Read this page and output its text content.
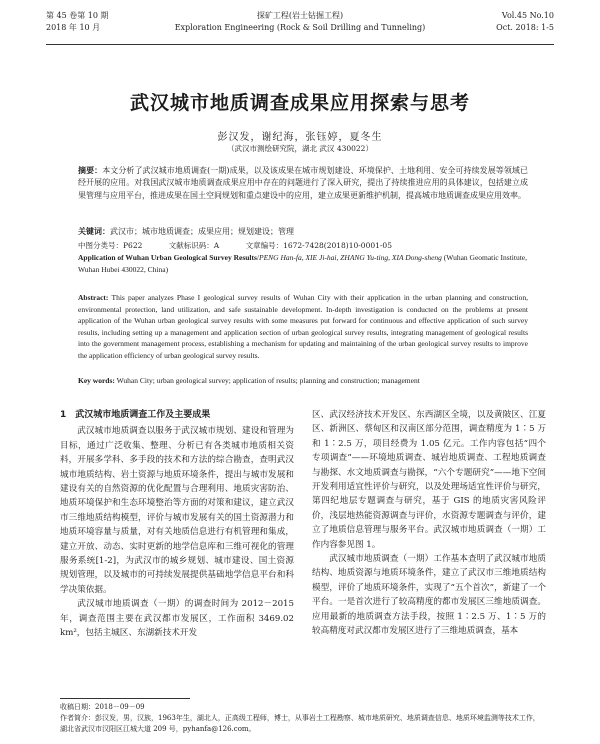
第 45 卷第 10 期
2018 年 10 月
探矿工程(岩土钻掘工程)
Exploration Engineering (Rock & Soil Drilling and Tunneling)
Vol.45 No.10
Oct. 2018: 1-5
武汉城市地质调查成果应用探索与思考
彭汉发，谢纪海，张钰婷，夏冬生
（武汉市测绘研究院，湖北 武汉 430022）
摘要：本文分析了武汉城市地质调查(一期)成果，以及该成果在城市规划建设、环境保护、土地利用、安全可持续发展等领域已经开展的应用。对我国武汉城市地质调查成果应用中存在的问题进行了深入研究，提出了持续推进应用的具体建议，包括建立成果管理与应用平台，推进成果在国土空间规划和重点建设中的应用，建立成果更新维护机制，提高城市地质调查成果应用效率。
关键词：武汉市；城市地质调查；成果应用；规划建设；管理
中图分类号：P622	文献标识码：A	文章编号：1672-7428(2018)10-0001-05
Application of Wuhan Urban Geological Survey Results/PENG Han-fa, XIE Ji-hai, ZHANG Yu-ting, XIA Dong-sheng (Wuhan Geomatic Institute, Wuhan Hubei 430022, China)
Abstract: This paper analyzes Phase I geological survey results of Wuhan City with their application in the urban planning and construction, environmental protection, land utilization, and safe sustainable development. In-depth investigation is conducted on the problems at present application of the Wuhan urban geological survey results with some measures put forward for continuous and effective application of such survey results, including setting up a management and application section of urban geological survey results, integrating management of geological results into the government management process, establishing a mechanism for updating and maintaining of the urban geological survey results to improve the application efficiency of urban geological survey results.
Key words: Wuhan City; urban geological survey; application of results; planning and construction; management
1　武汉城市地质调查工作及主要成果

武汉城市地质调查以服务于武汉城市规划、建设和管理为目标，通过广泛收集、整理、分析已有各类城市地质相关资料，开展多学科、多手段的技术和方法的综合勘查，查明武汉城市地质结构、岩土资源与地质环境条件，提出与城市发展和建设有关的自然资源的优化配置与合理利用、地质灾害防治、地质环境保护和生态环境整治等方面的对策和建议，建立武汉市三维地质结构模型，评价与城市发展有关的国土资源潜力和地质环境容量与质量，对有关地质信息进行有机管理和集成，建立开放、动态、实时更新的地学信息库和三维可视化的管理服务系统[1-2]，为武汉市的城乡规划、城市建设、国土资源规划管理，以及城市的可持续发展提供基础地学信息平台和科学决策依据。

武汉城市地质调查（一期）的调查时间为 2012－2015 年，调查范围主要在武汉都市发展区，工作面积 3469.02 km²，包括主城区、东湖新技术开发

区、武汉经济技术开发区、东西湖区全境，以及黄陂区、江夏区、新洲区、蔡甸区和汉南区部分范围，调查精度为 1∶5 万和 1∶2.5 万，项目经费为 1.05 亿元。工作内容包括“四个专项调查”——环境地质调查、城岩地质调查、工程地质调查与勘探、水文地质调查与勘探，“六个专题研究”——地下空间开发利用适宜性评价与研究，以及处理场适宜性评价与研究，第四纪地层专题调查与研究，基于 GIS 的地质灾害风险评价，浅层地热能资源调查与评价，水资源专题调查与评价，建立了地质信息管理与服务平台。武汉城市地质调查（一期）工作内容参见图 1。

武汉城市地质调查（一期）工作基本查明了武汉城市地质结构、地质资源与地质环境条件，建立了武汉市三维地质结构模型，评价了地质环境条件，实现了“五个首次”，新建了一个平台。一是首次进行了较高精度的都市发展区三维地质调查。应用最新的地质调查方法手段，按照 1∶2.5 万、1∶5 万的较高精度对武汉都市发展区进行了三维地质调查，基本

收稿日期：2018－09－09
作者简介：彭汉发，男，汉族，1963年生，湖北人，正高级工程师，博士，从事岩土工程勘察、城市地质研究、地质调查信息、地质环境监测等技术工作，湖北省武汉市汉阳区江城大道 209 号，pyhanfa@126.com。
